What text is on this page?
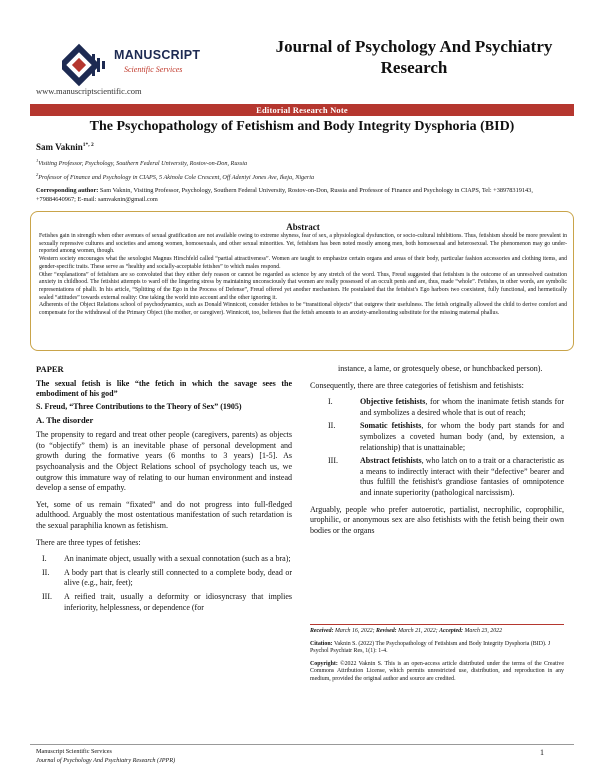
MANUSCRIPT
Scientific Services
Journal of Psychology And Psychiatry
Research
www.manuscriptscientific.com
Editorial Research Note
The Psychopathology of Fetishism and Body Integrity Dysphoria (BID)
Sam Vaknin$^{1*, 2}$
$^1$Visiting Professor, Psychology, Southern Federal University, Rostov-on-Don, Russia
$^2$Professor of Finance and Psychology in CIAPS, 5 Akinola Cole Crescent, Off Adeniyi Jones Ave, Ikeja, Nigeria
Corresponding author: Sam Vaknin, Visiting Professor, Psychology, Southern Federal University, Rostov-on-Don, Russia and Professor of Finance and Psychology in CIAPS, Tel: +38978319143, +79884640967; E-mail: samvaknin@gmail.com
Abstract
Fetishes gain in strength when other avenues of sexual gratification are not available owing to extreme shyness, fear of sex, a physiological dysfunction, or socio-cultural inhibitions. Thus, fetishism should be more prevalent in sexually repressive cultures and societies and among women, homosexuals, and other sexual minorities. Yet, fetishism has been noted mostly among men, both homosexual and heterosexual. The phenomenon may go under-reported among women, though.
Western society encourages what the sexologist Magnus Hirschfeld called “partial attractiveness”. Women are taught to emphasize certain organs and areas of their body, particular fashion accessories and clothing items, and gender-specific traits. These serve as “healthy and socially-acceptable fetishes” to which males respond.
Other “explanations” of fetishism are so convoluted that they either defy reason or cannot be regarded as science by any stretch of the word. Thus, Freud suggested that fetishism is the outcome of an unresolved castration anxiety in childhood. The fetishist attempts to ward off the lingering stress by maintaining unconsciously that women are really possessed of an occult penis and are, thus, made “whole”. Fetishes, in other words, are symbolic representations of phalli. In his article, “Splitting of the Ego in the Process of Defense”, Freud offered yet another mechanism. He postulated that the fetishist’s Ego harbors two coexistent, fully functional, and hermetically sealed “attitudes” towards external reality: One taking the world into account and the other ignoring it.
Adherents of the Object Relations school of psychodynamics, such as Donald Winnicott, consider fetishes to be “transitional objects” that outgrew their usefulness. The fetish originally allowed the child to derive comfort and compensate for the withdrawal of the Primary Object (the mother, or caregiver). Winnicott, too, believes that the fetish amounts to an anxiety-ameliorating substitute for the missing maternal phallus.
PAPER
The sexual fetish is like “the fetich in which the savage sees the embodiment of his god”
S. Freud, “Three Contributions to the Theory of Sex” (1905)
A. The disorder
The propensity to regard and treat other people (caregivers, parents) as objects (to “objectify” them) is an inevitable phase of personal development and growth during the formative years (6 months to 3 years) [1-5]. As psychoanalysis and the Object Relations school of psychology teach us, we outgrow this immature way of relating to our human environment and instead develop a sense of empathy.
Yet, some of us remain “fixated” and do not progress into full-fledged adulthood. Arguably the most ostentatious manifestation of such retardation is the sexual paraphilia known as fetishism.
There are three types of fetishes:
I. An inanimate object, usually with a sexual connotation (such as a bra);
II. A body part that is clearly still connected to a complete body, dead or alive (e.g., hair, feet);
III. A reified trait, usually a deformity or idiosyncrasy that implies inferiority, helplessness, or dependence (for
instance, a lame, or grotesquely obese, or hunchbacked person).
Consequently, there are three categories of fetishism and fetishists:
I.	Objective fetishists, for whom the inanimate fetish stands for and symbolizes a desired whole that is out of reach;
II.	Somatic fetishists, for whom the body part stands for and symbolizes a coveted human body (and, by extension, a relationship) that is unattainable;
III.	Abstract fetishists, who latch on to a trait or a characteristic as a means to indirectly interact with their “defective” bearer and thus fulfill the fetishist's grandiose fantasies of omnipotence and innate superiority (pathological narcissism).
Arguably, people who prefer autoerotic, partialist, necrophilic, coprophilic, urophilic, or anonymous sex are also fetishists with the fetish being their own bodies or the organs
Received: March 16, 2022; Revised: March 21, 2022; Accepted: March 23, 2022
Citation: Vaknin S. (2022) The Psychopathology of Fetishism and Body Integrity Dysphoria (BID). J Psychol Psychiatr Res, 1(1): 1-4.
Copyright: ©2022 Vaknin S. This is an open-access article distributed under the terms of the Creative Commons Attribution License, which permits unrestricted use, distribution, and reproduction in any medium, provided the original author and source are credited.
Manuscript Scientific Services
Journal of Psychology And Psychiatry Research (JPPR)
1
